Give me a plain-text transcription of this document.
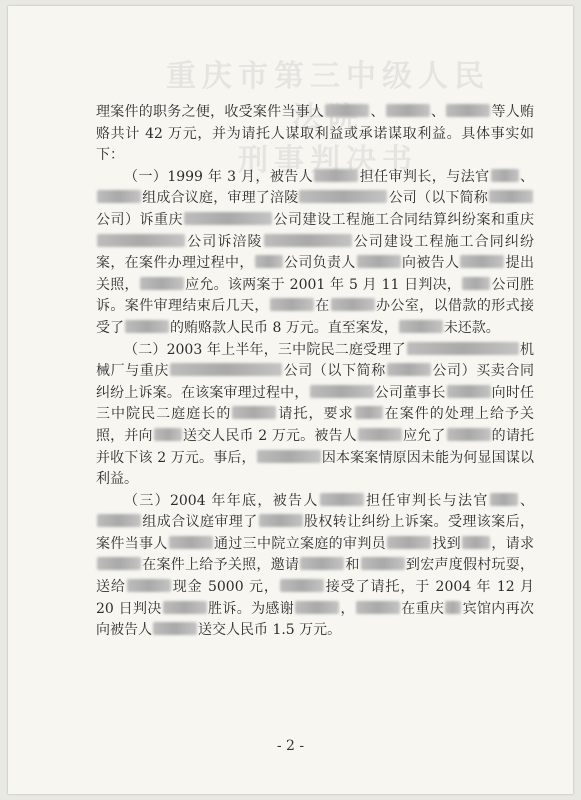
重庆市第三中级人民法院
刑事判决书

理案件的职务之便，收受案件当事人	、	、	等人贿赂共计 42 万元，并为请托人谋取利益或承诺谋取利益。具体事实如下：

（一）1999 年 3 月，被告人	担任审判长，与法官 、组成合议庭，审理了涪陵	公司（以下简称公司）诉重庆	公司建设工程施工合同结算纠纷案和重庆公司诉涪陵	公司建设工程施工合同纠纷案，在案件办理过程中， 公司负责人	向被告人	提出关照，	应允。该两案于 2001 年 5 月 11 日判决， 公司胜诉。案件审理结束后几天，	在	办公室，以借款的形式接受了	的贿赂款人民币 8 万元。直至案发，	未还款。

（二）2003 年上半年，三中院民二庭受理了	机械厂与重庆	公司（以下简称	公司）买卖合同纠纷上诉案。在该案审理过程中，	公司董事长	向时任三中院民二庭庭长的	请托，要求 在案件的处理上给予关照，并向 送交人民币 2 万元。被告人	应允了	的请托并收下该 2 万元。事后，	因本案案情原因未能为何显国谋以利益。

（三）2004 年年底，被告人	担任审判长与法官 、组成合议庭审理了	股权转让纠纷上诉案。受理该案后，案件当事人	通过三中院立案庭的审判员	找到 ，请求在案件上给予关照，邀请	和	到宏声度假村玩耍，送给	现金 5000 元，	接受了请托，于 2004 年 12 月 20 日判决	胜诉。为感谢	，	在重庆 宾馆内再次向被告人	送交人民币 1.5 万元。

- 2 -
